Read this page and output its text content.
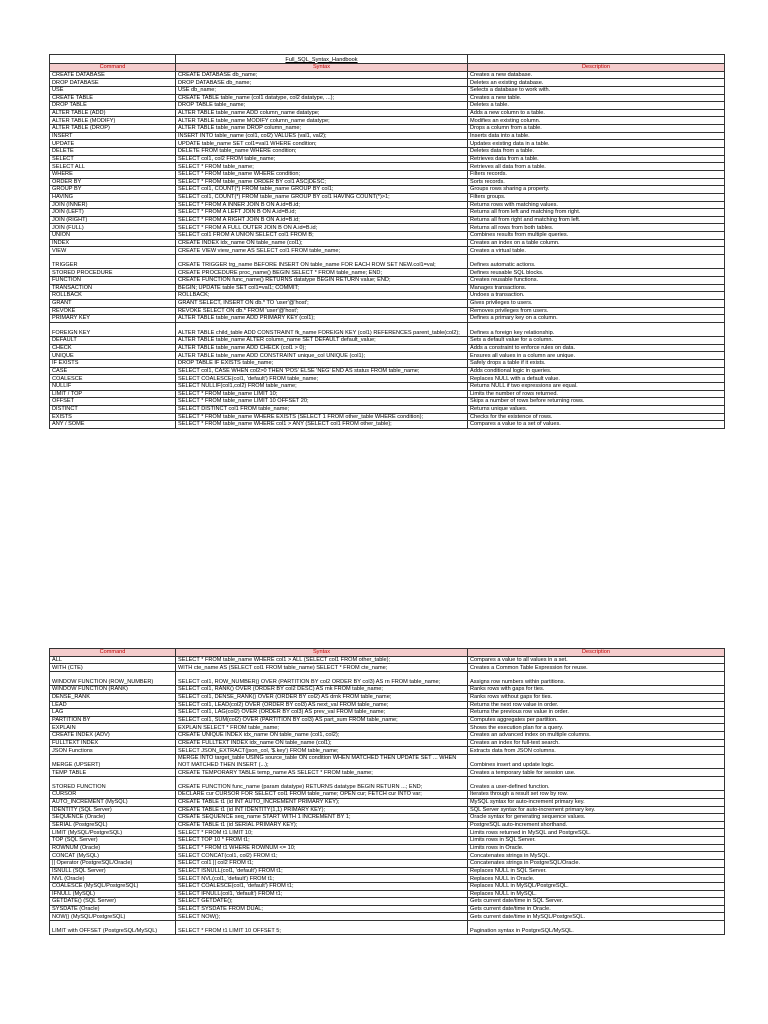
	Full_SQL_Syntax_Handbook	
Command	Syntax	Description
CREATE DATABASE	CREATE DATABASE db_name;	Creates a new database.
DROP DATABASE	DROP DATABASE db_name;	Deletes an existing database.
USE	USE db_name;	Selects a database to work with.
CREATE TABLE	CREATE TABLE table_name (col1 datatype, col2 datatype, ...);	Creates a new table.
DROP TABLE	DROP TABLE table_name;	Deletes a table.
ALTER TABLE (ADD)	ALTER TABLE table_name ADD column_name datatype;	Adds a new column to a table.
ALTER TABLE (MODIFY)	ALTER TABLE table_name MODIFY column_name datatype;	Modifies an existing column.
ALTER TABLE (DROP)	ALTER TABLE table_name DROP column_name;	Drops a column from a table.
INSERT	INSERT INTO table_name (col1, col2) VALUES (val1, val2);	Inserts data into a table.
UPDATE	UPDATE table_name SET col1=val1 WHERE condition;	Updates existing data in a table.
DELETE	DELETE FROM table_name WHERE condition;	Deletes data from a table.
SELECT	SELECT col1, col2 FROM table_name;	Retrieves data from a table.
SELECT ALL	SELECT * FROM table_name;	Retrieves all data from a table.
WHERE	SELECT * FROM table_name WHERE condition;	Filters records.
ORDER BY	SELECT * FROM table_name ORDER BY col1 ASC|DESC;	Sorts records.
GROUP BY	SELECT col1, COUNT(*) FROM table_name GROUP BY col1;	Groups rows sharing a property.
HAVING	SELECT col1, COUNT(*) FROM table_name GROUP BY col1 HAVING COUNT(*)>1;	Filters groups.
JOIN (INNER)	SELECT * FROM A INNER JOIN B ON A.id=B.id;	Returns rows with matching values.
JOIN (LEFT)	SELECT * FROM A LEFT JOIN B ON A.id=B.id;	Returns all from left and matching from right.
JOIN (RIGHT)	SELECT * FROM A RIGHT JOIN B ON A.id=B.id;	Returns all from right and matching from left.
JOIN (FULL)	SELECT * FROM A FULL OUTER JOIN B ON A.id=B.id;	Returns all rows from both tables.
UNION	SELECT col1 FROM A UNION SELECT col1 FROM B;	Combines results from multiple queries.
INDEX	CREATE INDEX idx_name ON table_name (col1);	Creates an index on a table column.
VIEW	CREATE VIEW view_name AS SELECT col1 FROM table_name;	Creates a virtual table.
TRIGGER	CREATE TRIGGER trg_name BEFORE INSERT ON table_name FOR EACH ROW SET NEW.col1=val;	Defines automatic actions.
STORED PROCEDURE	CREATE PROCEDURE proc_name() BEGIN SELECT * FROM table_name; END;	Defines reusable SQL blocks.
FUNCTION	CREATE FUNCTION func_name() RETURNS datatype BEGIN RETURN value; END;	Creates reusable functions.
TRANSACTION	BEGIN; UPDATE table SET col1=val1; COMMIT;	Manages transactions.
ROLLBACK	ROLLBACK;	Undoes a transaction.
GRANT	GRANT SELECT, INSERT ON db.* TO 'user'@'host';	Gives privileges to users.
REVOKE	REVOKE SELECT ON db.* FROM 'user'@'host';	Removes privileges from users.
PRIMARY KEY	ALTER TABLE table_name ADD PRIMARY KEY (col1);	Defines a primary key on a column.
FOREIGN KEY	ALTER TABLE child_table ADD CONSTRAINT fk_name FOREIGN KEY (col1) REFERENCES parent_table(col2);	Defines a foreign key relationship.
DEFAULT	ALTER TABLE table_name ALTER column_name SET DEFAULT default_value;	Sets a default value for a column.
CHECK	ALTER TABLE table_name ADD CHECK (col1 > 0);	Adds a constraint to enforce rules on data.
UNIQUE	ALTER TABLE table_name ADD CONSTRAINT unique_col UNIQUE (col1);	Ensures all values in a column are unique.
IF EXISTS	DROP TABLE IF EXISTS table_name;	Safely drops a table if it exists.
CASE	SELECT col1, CASE WHEN col2>0 THEN 'POS' ELSE 'NEG' END AS status FROM table_name;	Adds conditional logic in queries.
COALESCE	SELECT COALESCE(col1, 'default') FROM table_name;	Replaces NULL with a default value.
NULLIF	SELECT NULLIF(col1,col2) FROM table_name;	Returns NULL if two expressions are equal.
LIMIT / TOP	SELECT * FROM table_name LIMIT 10;	Limits the number of rows returned.
OFFSET	SELECT * FROM table_name LIMIT 10 OFFSET 20;	Skips a number of rows before returning rows.
DISTINCT	SELECT DISTINCT col1 FROM table_name;	Returns unique values.
EXISTS	SELECT * FROM table_name WHERE EXISTS (SELECT 1 FROM other_table WHERE condition);	Checks for the existence of rows.
ANY / SOME	SELECT * FROM table_name WHERE col1 > ANY (SELECT col1 FROM other_table);	Compares a value to a set of values.
Command	Syntax	Description
ALL	SELECT * FROM table_name WHERE col1 > ALL (SELECT col1 FROM other_table);	Compares a value to all values in a set.
WITH (CTE)	WITH cte_name AS (SELECT col1 FROM table_name) SELECT * FROM cte_name;	Creates a Common Table Expression for reuse.
WINDOW FUNCTION (ROW_NUMBER)	SELECT col1, ROW_NUMBER() OVER (PARTITION BY col2 ORDER BY col3) AS rn FROM table_name;	Assigns row numbers within partitions.
WINDOW FUNCTION (RANK)	SELECT col1, RANK() OVER (ORDER BY col2 DESC) AS rnk FROM table_name;	Ranks rows with gaps for ties.
DENSE_RANK	SELECT col1, DENSE_RANK() OVER (ORDER BY col2) AS drnk FROM table_name;	Ranks rows without gaps for ties.
LEAD	SELECT col1, LEAD(col2) OVER (ORDER BY col3) AS next_val FROM table_name;	Returns the next row value in order.
LAG	SELECT col1, LAG(col2) OVER (ORDER BY col3) AS prev_val FROM table_name;	Returns the previous row value in order.
PARTITION BY	SELECT col1, SUM(col2) OVER (PARTITION BY col3) AS part_sum FROM table_name;	Computes aggregates per partition.
EXPLAIN	EXPLAIN SELECT * FROM table_name;	Shows the execution plan for a query.
CREATE INDEX (ADV)	CREATE UNIQUE INDEX idx_name ON table_name (col1, col2);	Creates an advanced index on multiple columns.
FULLTEXT INDEX	CREATE FULLTEXT INDEX idx_name ON table_name (col1);	Creates an index for full-text search.
JSON Functions	SELECT JSON_EXTRACT(json_col, '$.key') FROM table_name;	Extracts data from JSON columns.
MERGE (UPSERT)	MERGE INTO target_table USING source_table ON condition WHEN MATCHED THEN UPDATE SET ... WHEN NOT MATCHED THEN INSERT (...);	Combines insert and update logic.
TEMP TABLE	CREATE TEMPORARY TABLE temp_name AS SELECT * FROM table_name;	Creates a temporary table for session use.
STORED FUNCTION	CREATE FUNCTION func_name (param datatype) RETURNS datatype BEGIN RETURN ...; END;	Creates a user-defined function.
CURSOR	DECLARE cur CURSOR FOR SELECT col1 FROM table_name; OPEN cur; FETCH cur INTO var;	Iterates through a result set row by row.
AUTO_INCREMENT (MySQL)	CREATE TABLE t1 (id INT AUTO_INCREMENT PRIMARY KEY);	MySQL syntax for auto-increment primary key.
IDENTITY (SQL Server)	CREATE TABLE t1 (id INT IDENTITY(1,1) PRIMARY KEY);	SQL Server syntax for auto-increment primary key.
SEQUENCE (Oracle)	CREATE SEQUENCE seq_name START WITH 1 INCREMENT BY 1;	Oracle syntax for generating sequence values.
SERIAL (PostgreSQL)	CREATE TABLE t1 (id SERIAL PRIMARY KEY);	PostgreSQL auto-increment shorthand.
LIMIT (MySQL/PostgreSQL)	SELECT * FROM t1 LIMIT 10;	Limits rows returned in MySQL and PostgreSQL.
TOP (SQL Server)	SELECT TOP 10 * FROM t1;	Limits rows in SQL Server.
ROWNUM (Oracle)	SELECT * FROM t1 WHERE ROWNUM <= 10;	Limits rows in Oracle.
CONCAT (MySQL)	SELECT CONCAT(col1, col2) FROM t1;	Concatenates strings in MySQL.
|| Operator (PostgreSQL/Oracle)	SELECT col1 || col2 FROM t1;	Concatenates strings in PostgreSQL/Oracle.
ISNULL (SQL Server)	SELECT ISNULL(col1, 'default') FROM t1;	Replaces NULL in SQL Server.
NVL (Oracle)	SELECT NVL(col1, 'default') FROM t1;	Replaces NULL in Oracle.
COALESCE (MySQL/PostgreSQL)	SELECT COALESCE(col1, 'default') FROM t1;	Replaces NULL in MySQL/PostgreSQL.
IFNULL (MySQL)	SELECT IFNULL(col1, 'default') FROM t1;	Replaces NULL in MySQL.
GETDATE() (SQL Server)	SELECT GETDATE();	Gets current date/time in SQL Server.
SYSDATE (Oracle)	SELECT SYSDATE FROM DUAL;	Gets current date/time in Oracle.
NOW() (MySQL/PostgreSQL)	SELECT NOW();	Gets current date/time in MySQL/PostgreSQL.
LIMIT with OFFSET (PostgreSQL/MySQL)	SELECT * FROM t1 LIMIT 10 OFFSET 5;	Pagination syntax in PostgreSQL/MySQL.
